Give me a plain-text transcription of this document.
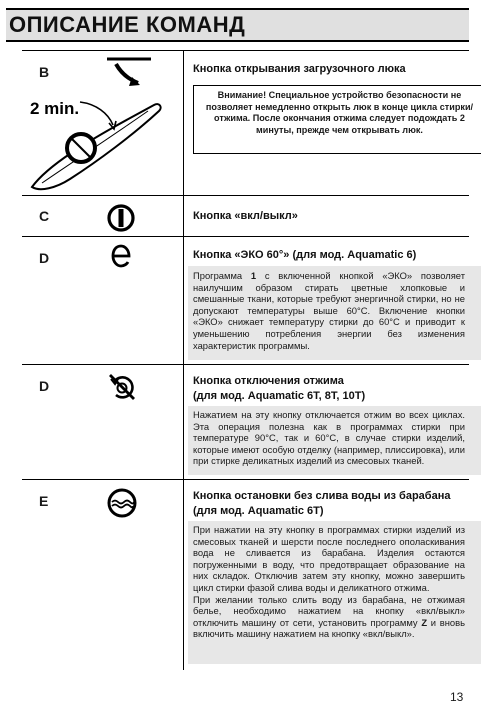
ОПИСАНИЕ КОМАНД
B
2 min.
Кнопка открывания загрузочного люка
Внимание! Специальное устройство безопасности не позволяет немедленно открыть люк в конце цикла стирки/отжима. После окончания отжима следует подождать 2 минуты, прежде чем открывать люк.
C	Кнопка «вкл/выкл»
D	Кнопка «ЭКО 60°» (для мод. Aquamatic 6)

Программа 1 с включенной кнопкой «ЭКО» позволяет наилучшим образом стирать цветные хлопковые и смешанные ткани, которые требуют энергичной стирки, но не допускают температуры выше 60°С. Включение кнопки «ЭКО» снижает температуру стирки до 60°С и приводит к уменьшению потребления энергии без изменения характеристик программы.

D	Кнопка отключения отжима
(для мод. Aquamatic 6T, 8T, 10T)

Нажатием на эту кнопку отключается отжим во всех циклах. Эта операция полезна как в программах стирки при температуре 90°С, так и 60°С, в случае стирки изделий, которые имеют особую отделку (например, плиссировка), или при стирке деликатных изделий из смесовых тканей.

E	Кнопка остановки без слива воды из барабана
(для мод. Aquamatic 6T)

При нажатии на эту кнопку в программах стирки изделий из смесовых тканей и шерсти после последнего ополаскивания вода не сливается из барабана. Изделия остаются погруженными в воду, что предотвращает образование на них складок. Отключив затем эту кнопку, можно завершить цикл стирки фазой слива воды и деликатного отжима.

При желании только слить воду из барабана, не отжимая белье, необходимо нажатием на кнопку «вкл/выкл» отключить машину от сети, установить программу Z и вновь включить машину нажатием на кнопку «вкл/выкл».

13
